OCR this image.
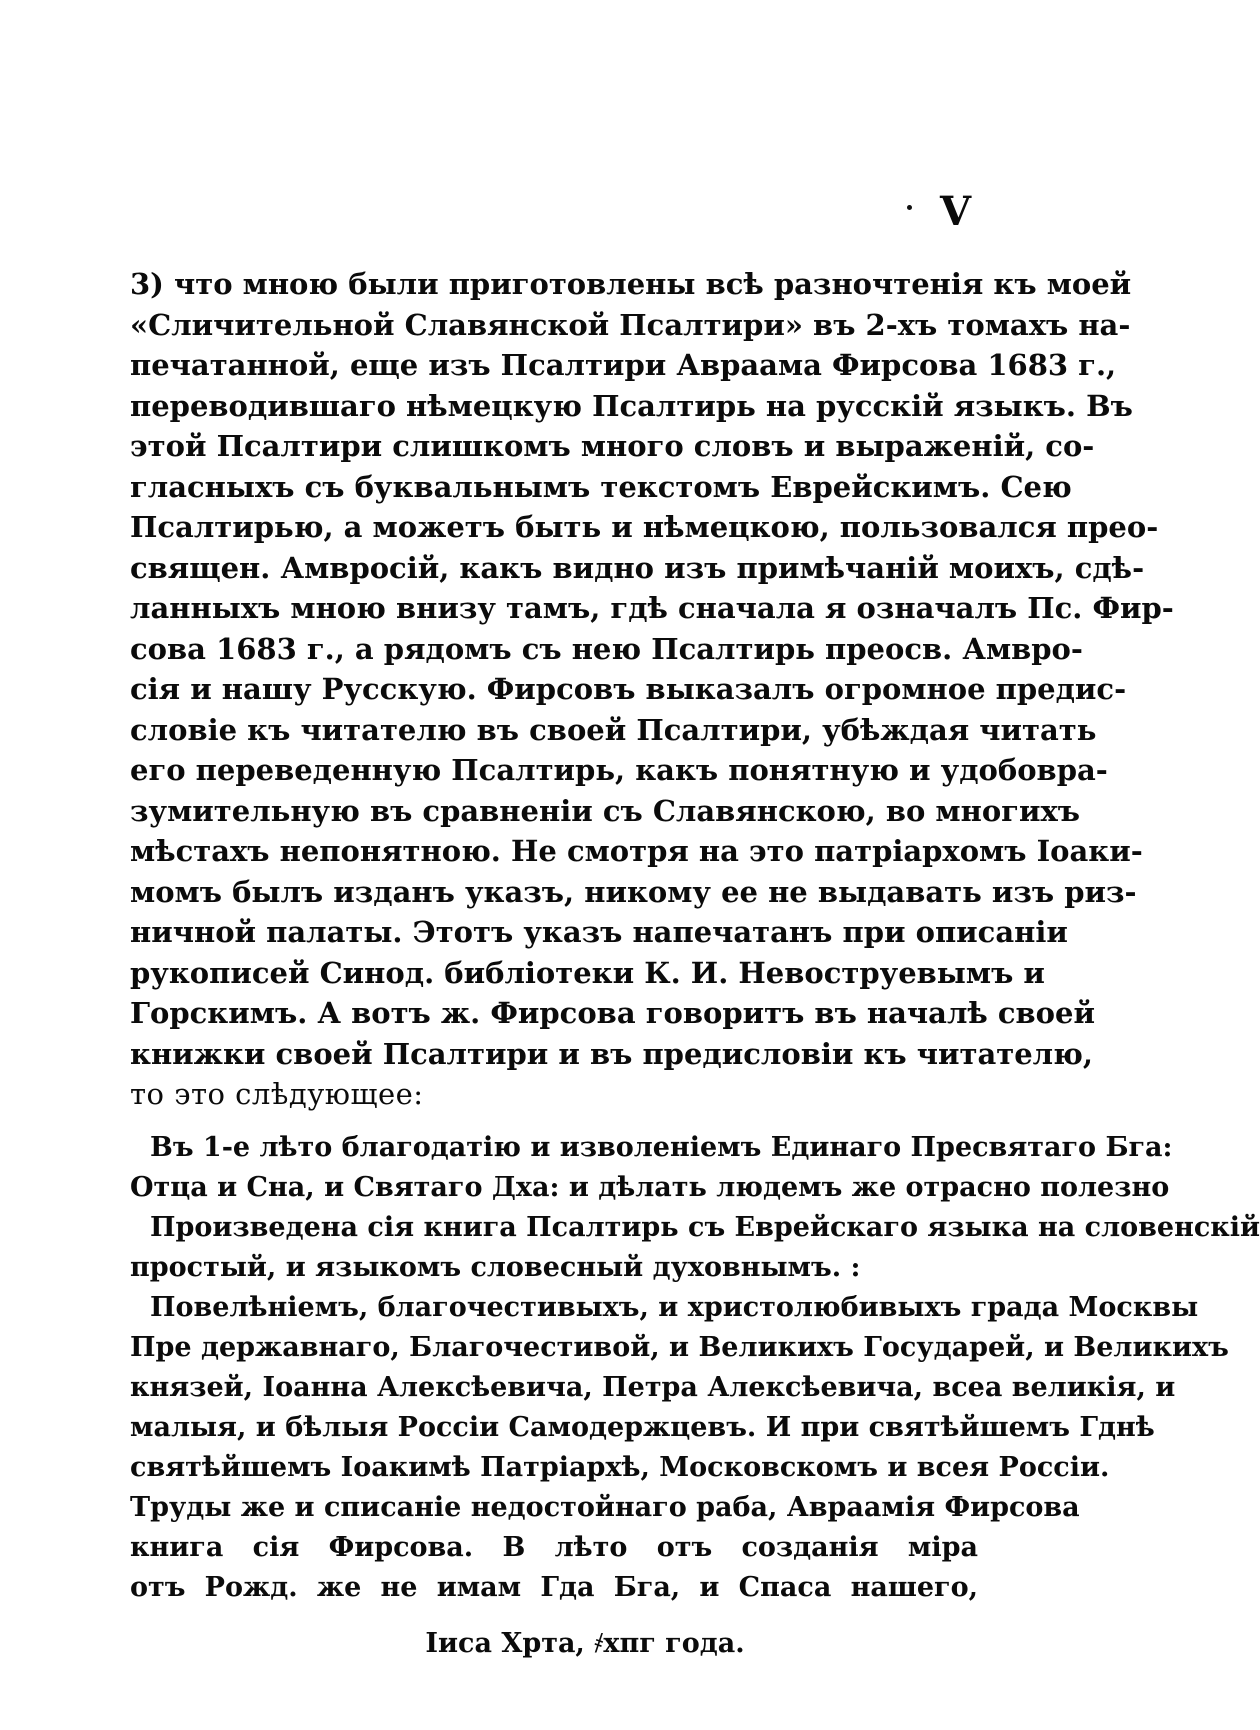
V
3) что мною были приготовлены всѣ разночтенія къ моей
«Сличительной Славянской Псалтири» въ 2-хъ томахъ на-
печатанной, еще изъ Псалтири Авраама Фирсова 1683 г.,
переводившаго нѣмецкую Псалтирь на русскій языкъ. Въ
этой Псалтири слишкомъ много словъ и выраженій, со-
гласныхъ съ буквальнымъ текстомъ Еврейскимъ. Сею
Псалтирью, а можетъ быть и нѣмецкою, пользовался прео-
священ. Амвросій, какъ видно изъ примѣчаній моихъ, сдѣ-
ланныхъ мною внизу тамъ, гдѣ сначала я означалъ Пс. Фир-
сова 1683 г., а рядомъ съ нею Псалтирь преосв. Амвро-
сія и нашу Русскую. Фирсовъ выказалъ огромное предис-
словіе къ читателю въ своей Псалтири, убѣждая читать
его переведенную Псалтирь, какъ понятную и удобовра-
зумительную въ сравненіи съ Славянскою, во многихъ
мѣстахъ непонятною. Не смотря на это патріархомъ Іоаки-
момъ былъ изданъ указъ, никому ее не выдавать изъ риз-
ничной палаты. Этотъ указъ напечатанъ при описаніи
рукописей Синод. библіотеки К. И. Невоструевымъ и
Горскимъ. А вотъ ж. Фирсова говоритъ въ началѣ своей
книжки своей Псалтири и въ предисловіи къ читателю,
то это слѣдующее:
Въ 1-е лѣто благодатію и изволеніемъ Единаго Пресвятаго Бга:
Отца и Сна, и Святаго Дха: и дѣлать людемъ же отрасно полезно
Произведена сія книга Псалтирь съ Еврейскаго языка на словенскій
простый, и языкомъ словесный духовнымъ. :
Повелѣніемъ, благочестивыхъ, и христолюбивыхъ града Москвы
Пре державнаго, Благочестивой, и Великихъ Государей, и Великихъ
князей, Іоанна Алексѣевича, Петра Алексѣевича, всеа великія, и
малыя, и бѣлыя Россіи Самодержцевъ. И при святѣйшемъ Гднѣ
святѣйшемъ Іоакимѣ Патріархѣ, Московскомъ и всея Россіи.
Труды же и списаніе недостойнаго раба, Авраамія Фирсова
книга сія Фирсова. В лѣто отъ созданія міра
отъ Рожд. же не имам Гда Бга, и Спаса нашего,
Іиса Хрта, ҂хпг года.
